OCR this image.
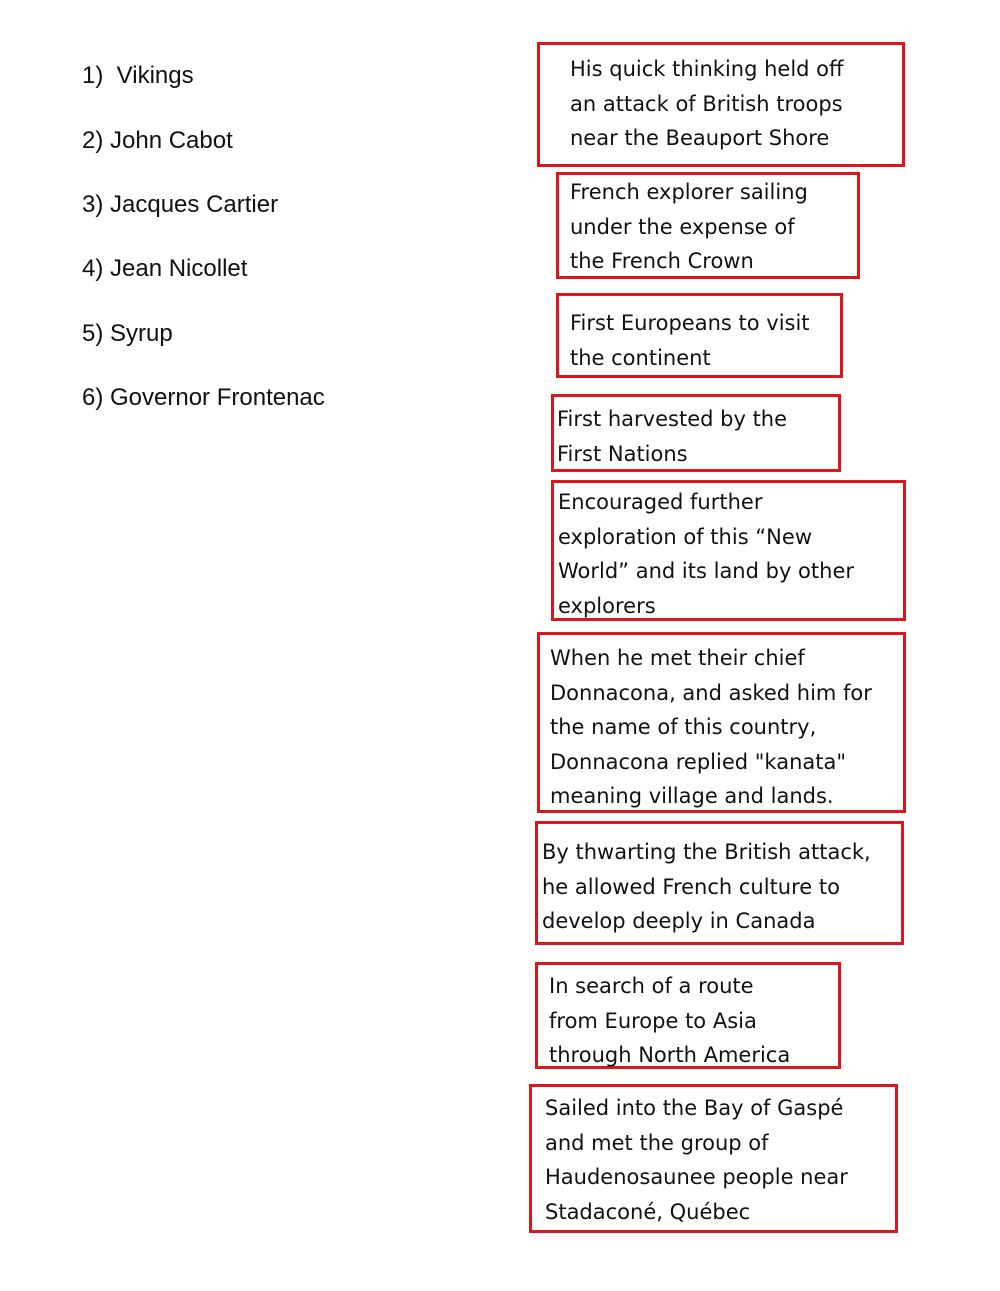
1)  Vikings
2) John Cabot
3) Jacques Cartier
4) Jean Nicollet
5) Syrup
6) Governor Frontenac
His quick thinking held off
an attack of British troops
near the Beauport Shore
French explorer sailing
under the expense of
the French Crown
First Europeans to visit
the continent
First harvested by the
First Nations
Encouraged further
exploration of this “New
World” and its land by other
explorers
When he met their chief
Donnacona, and asked him for
the name of this country,
Donnacona replied "kanata"
meaning village and lands.
By thwarting the British attack,
he allowed French culture to
develop deeply in Canada
In search of a route
from Europe to Asia
through North America
Sailed into the Bay of Gaspé
and met the group of
Haudenosaunee people near
Stadaconé, Québec
